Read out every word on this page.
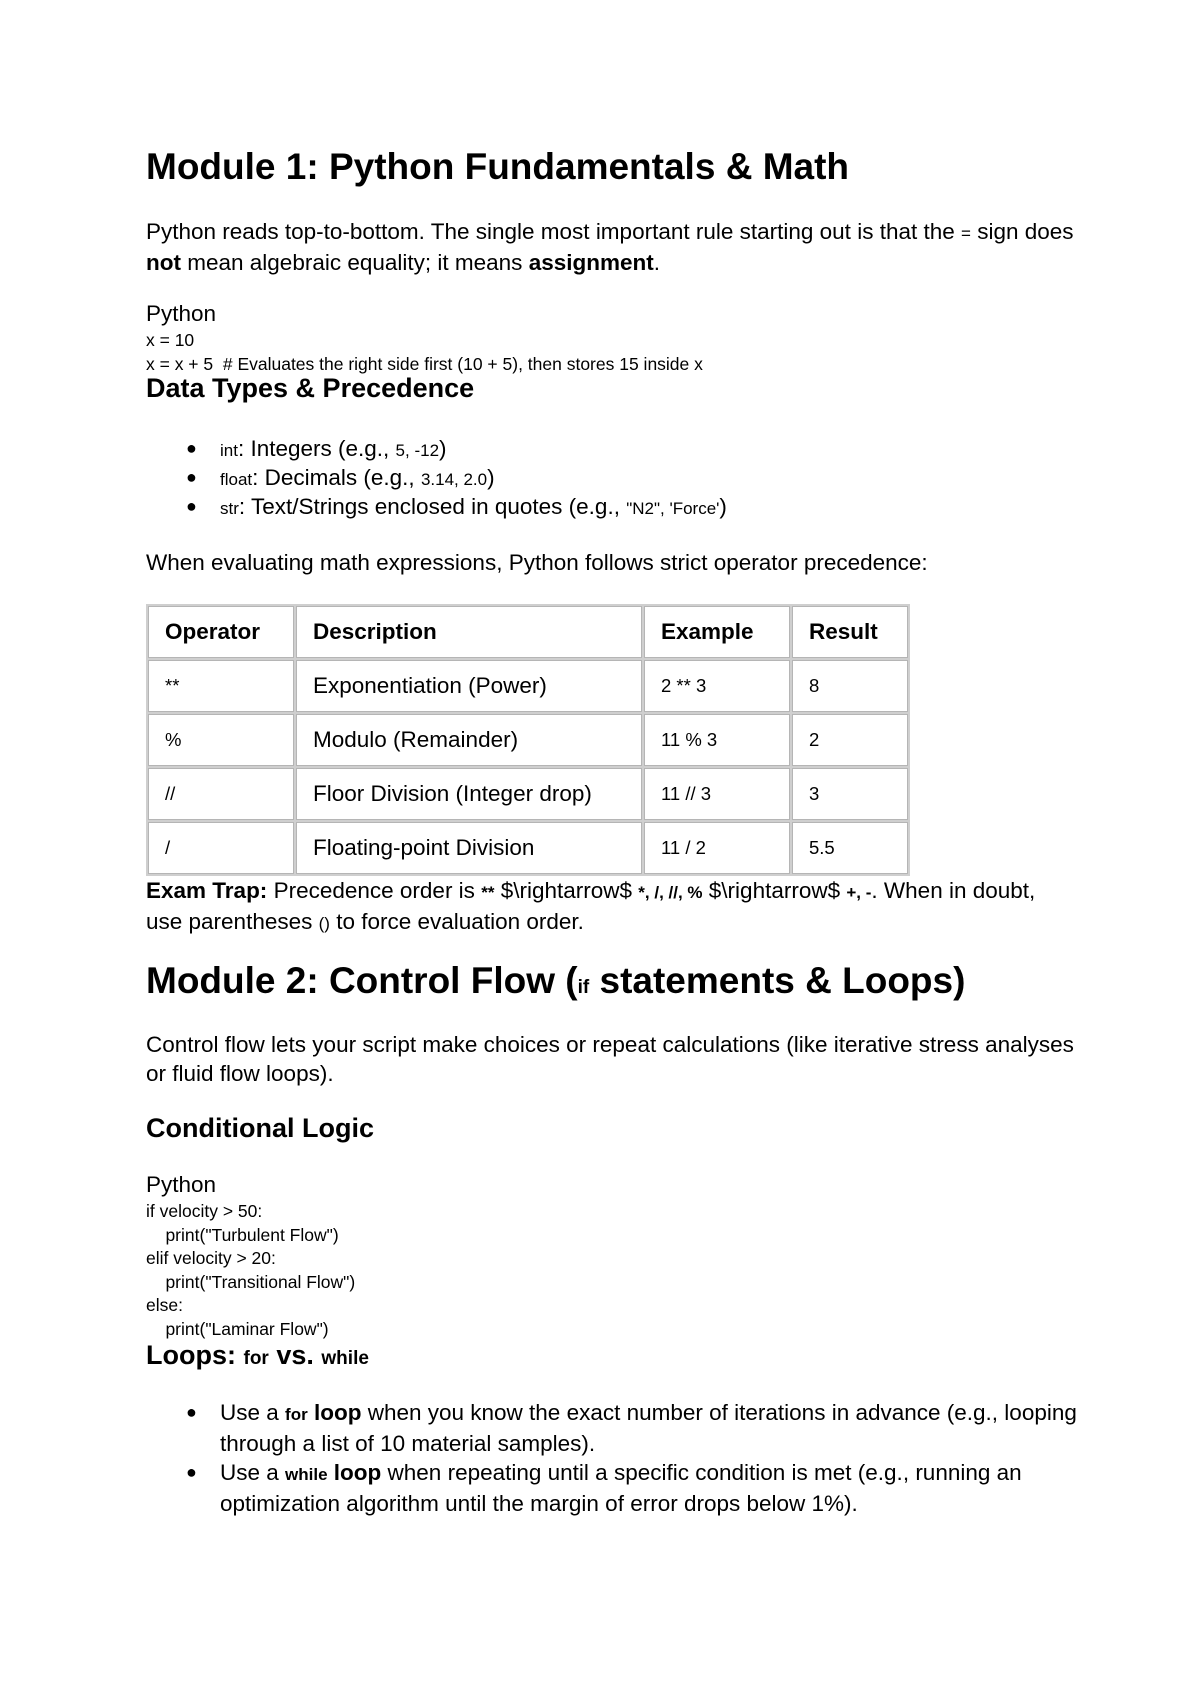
Module 1: Python Fundamentals & Math
Python reads top-to-bottom. The single most important rule starting out is that the = sign does not mean algebraic equality; it means assignment.
Python
x = 10
x = x + 5  # Evaluates the right side first (10 + 5), then stores 15 inside x
Data Types & Precedence
● int: Integers (e.g., 5, -12)
● float: Decimals (e.g., 3.14, 2.0)
● str: Text/Strings enclosed in quotes (e.g., "N2", 'Force')
When evaluating math expressions, Python follows strict operator precedence:
Operator	Description	Example	Result
**	Exponentiation (Power)	2 ** 3	8
%	Modulo (Remainder)	11 % 3	2
//	Floor Division (Integer drop)	11 // 3	3
/	Floating-point Division	11 / 2	5.5
Exam Trap: Precedence order is ** $\rightarrow$ *, /, //, % $\rightarrow$ +, -. When in doubt, use parentheses () to force evaluation order.
Module 2: Control Flow (if statements & Loops)
Control flow lets your script make choices or repeat calculations (like iterative stress analyses or fluid flow loops).
Conditional Logic
Python
if velocity > 50:
print("Turbulent Flow")
elif velocity > 20:
print("Transitional Flow")
else:
print("Laminar Flow")
Loops: for vs. while
● Use a for loop when you know the exact number of iterations in advance (e.g., looping through a list of 10 material samples).
● Use a while loop when repeating until a specific condition is met (e.g., running an optimization algorithm until the margin of error drops below 1%).
